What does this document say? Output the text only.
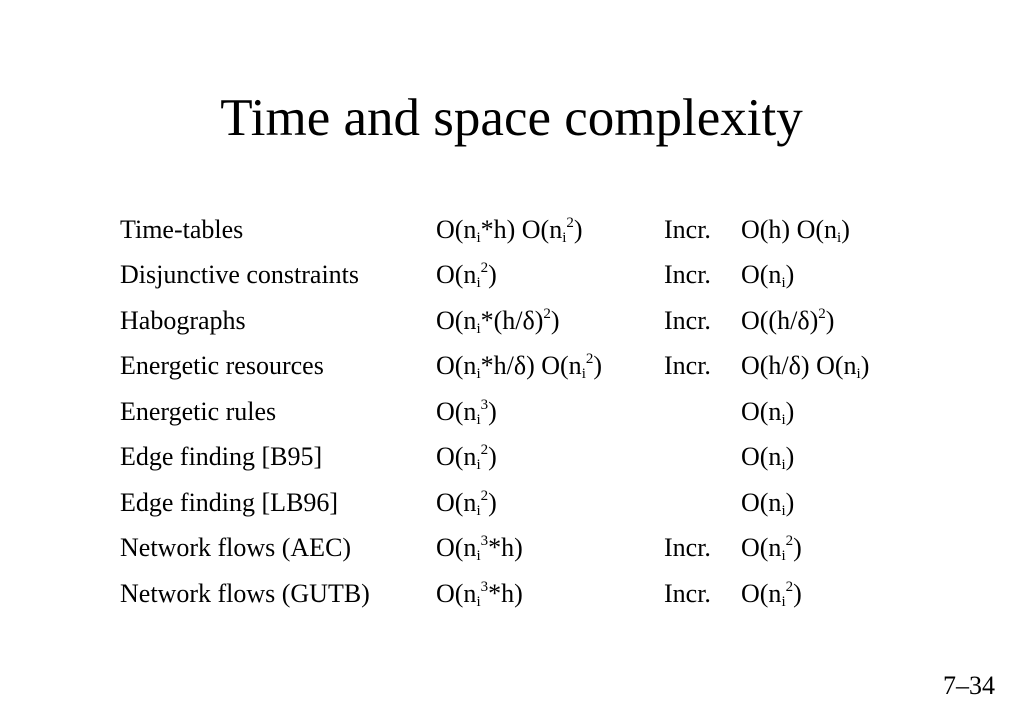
Time and space complexity
Time-tables	$O(n_i*h)$ $O(n_i^2)$	Incr.	O(h) $O(n_i)$
Disjunctive constraints	$O(n_i^2)$	Incr.	$O(n_i)$
Habographs	$O(n_i*(h/\delta)^2)$	Incr.	$O((h/\delta)^2)$
Energetic resources	$O(n_i*h/\delta)$ $O(n_i^2)$	Incr.	O(h/δ) $O(n_i)$
Energetic rules	$O(n_i^3)$		$O(n_i)$
Edge finding [B95]	$O(n_i^2)$		$O(n_i)$
Edge finding [LB96]	$O(n_i^2)$		$O(n_i)$
Network flows (AEC)	$O(n_i^3*h)$	Incr.	$O(n_i^2)$
Network flows (GUTB)	$O(n_i^3*h)$	Incr.	$O(n_i^2)$
7–34
